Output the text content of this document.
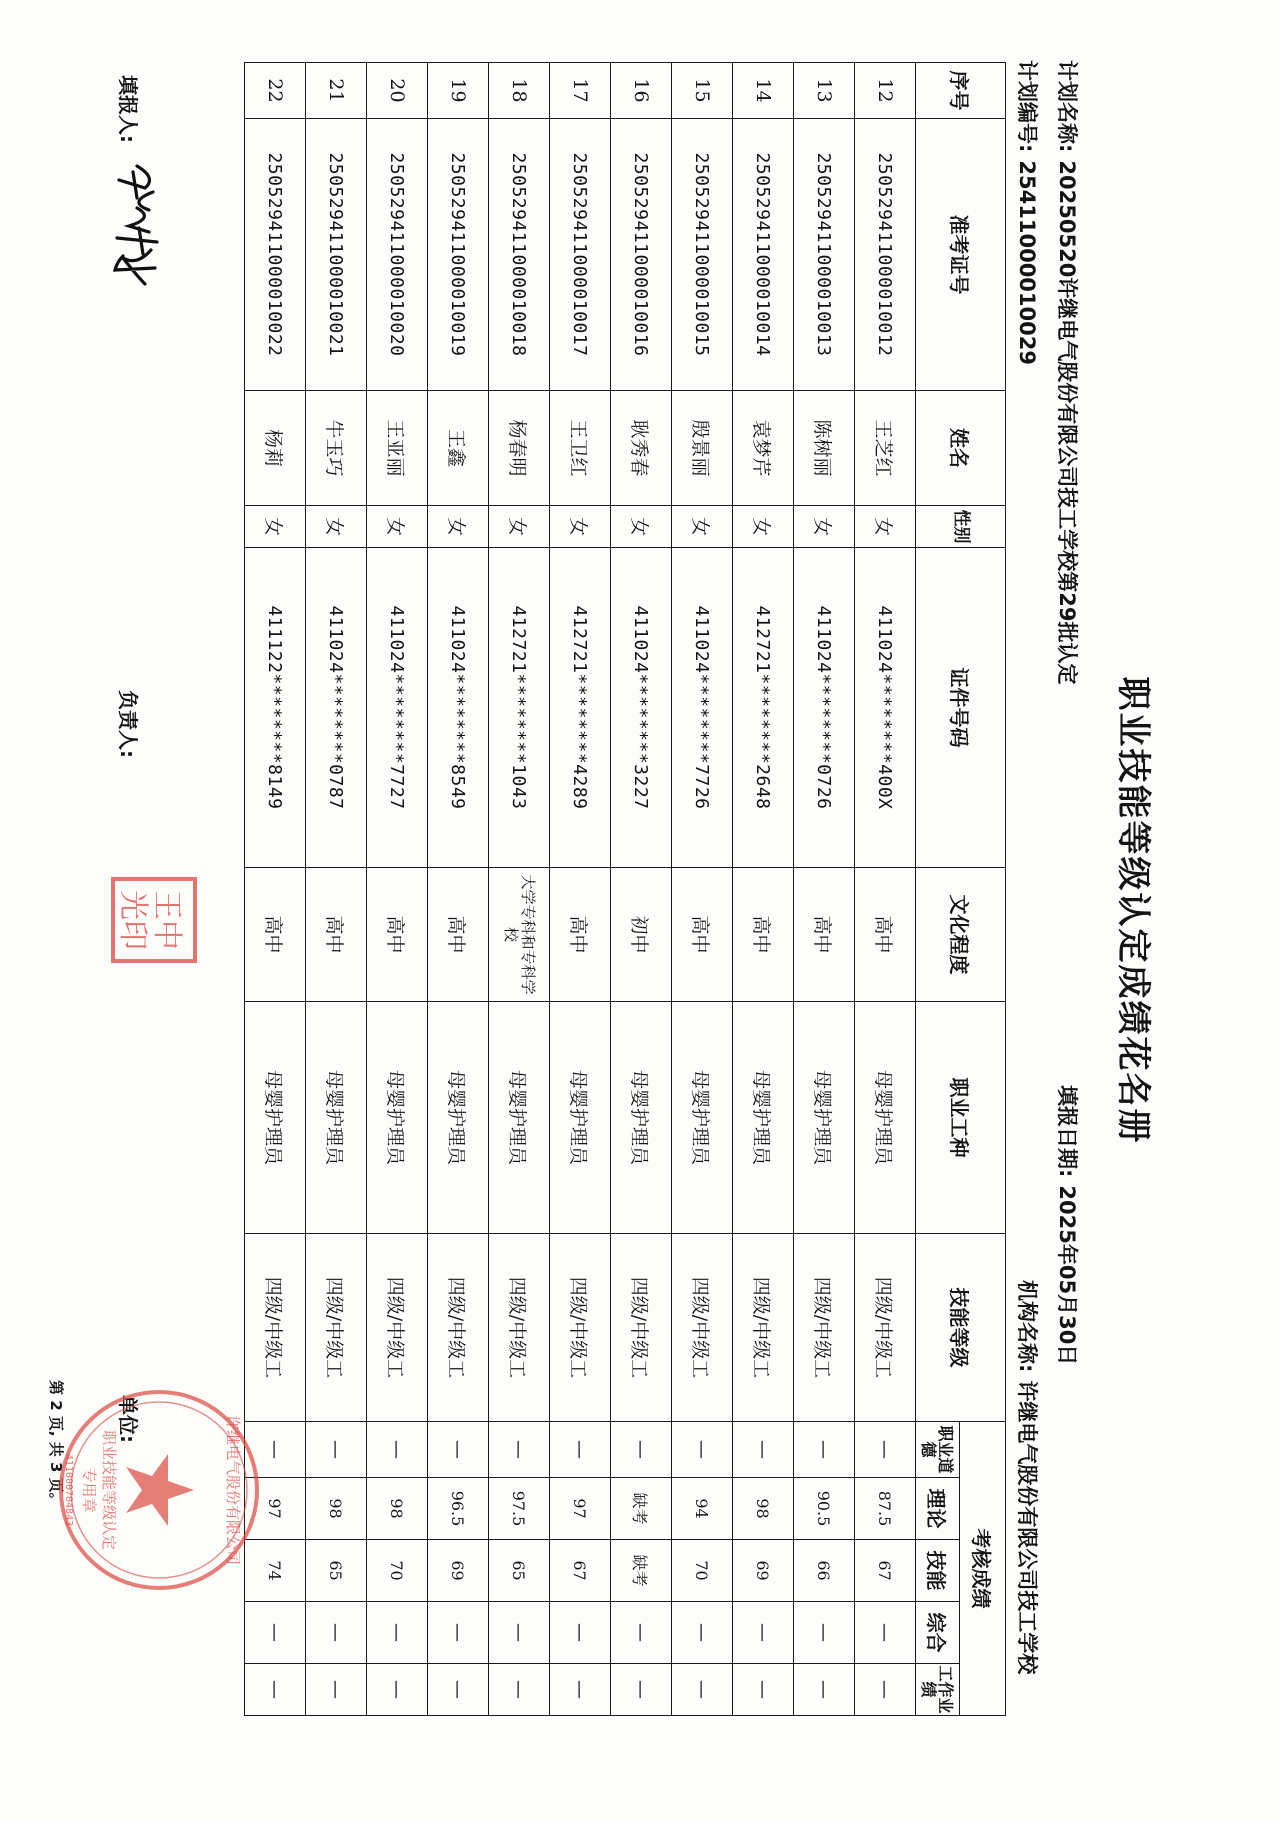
职业技能等级认定成绩花名册
计划名称:20250520许继电气股份有限公司技工学校第29批认定
计划编号:25411000010029
填报日期:2025年05月30日
机构名称:许继电气股份有限公司技工学校
序号	准考证号	姓名	性别	证件号码	文化程度	职业工种	技能等级	考核成绩				
								职业道德	理论	技能	综合	工作业绩
12	250529411000010012	王芝红	女	411024********400X	高中	母婴护理员	四级/中级工	—	87.5	67	—	—
13	250529411000010013	陈树丽	女	411024********0726	高中	母婴护理员	四级/中级工	—	90.5	66	—	—
14	250529411000010014	袁梦芹	女	412721********2648	高中	母婴护理员	四级/中级工	—	98	69	—	—
15	250529411000010015	殷景丽	女	411024********7726	高中	母婴护理员	四级/中级工	—	94	70	—	—
16	250529411000010016	耿秀春	女	411024********3227	初中	母婴护理员	四级/中级工	—	缺考	缺考	—	—
17	250529411000010017	王卫红	女	412721********4289	高中	母婴护理员	四级/中级工	—	97	67	—	—
18	250529411000010018	杨春明	女	412721********1043	大学专科和专科学校	母婴护理员	四级/中级工	—	97.5	65	—	—
19	250529411000010019	王鑫	女	411024********8549	高中	母婴护理员	四级/中级工	—	96.5	69	—	—
20	250529411000010020	王亚丽	女	411024********7727	高中	母婴护理员	四级/中级工	—	98	70	—	—
21	250529411000010021	牛玉巧	女	411024********0787	高中	母婴护理员	四级/中级工	—	98	65	—	—
22	250529411000010022	杨莉	女	411122********8149	高中	母婴护理员	四级/中级工	—	97	74	—	—
填报人:
负责人:
单位:
第 2 页, 共 3 页。
王中
光印
职业技能等级认定
专用章	许继电气股份有限公司
411000704843
